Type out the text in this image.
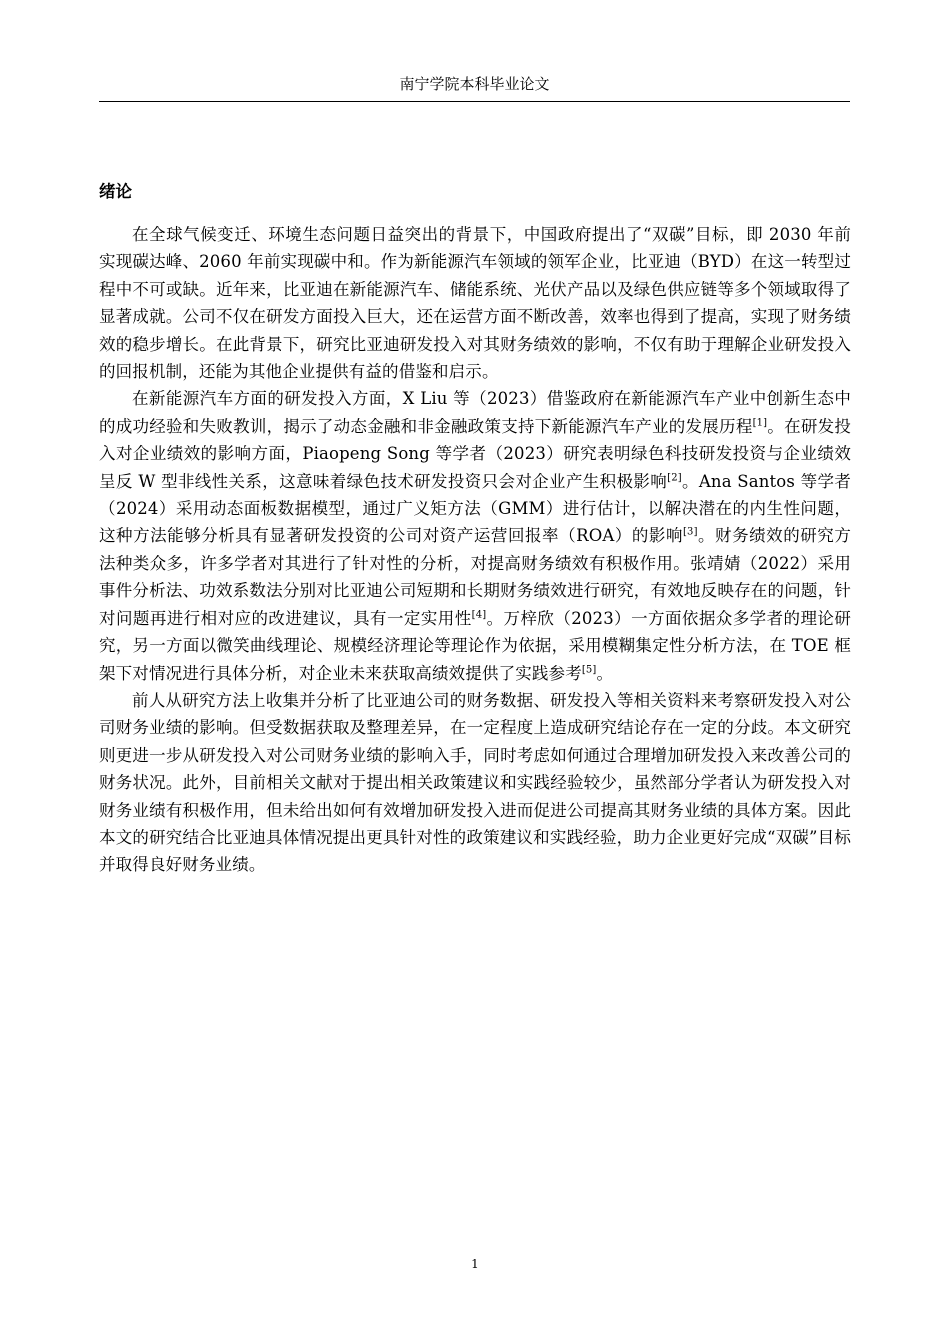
南宁学院本科毕业论文
绪论

在全球气候变迁、环境生态问题日益突出的背景下，中国政府提出了“双碳”目标，即 2030 年前实现碳达峰、2060 年前实现碳中和。作为新能源汽车领域的领军企业，比亚迪（BYD）在这一转型过程中不可或缺。近年来，比亚迪在新能源汽车、储能系统、光伏产品以及绿色供应链等多个领域取得了显著成就。公司不仅在研发方面投入巨大，还在运营方面不断改善，效率也得到了提高，实现了财务绩效的稳步增长。在此背景下，研究比亚迪研发投入对其财务绩效的影响，不仅有助于理解企业研发投入的回报机制，还能为其他企业提供有益的借鉴和启示。

在新能源汽车方面的研发投入方面，X Liu 等（2023）借鉴政府在新能源汽车产业中创新生态中的成功经验和失败教训，揭示了动态金融和非金融政策支持下新能源汽车产业的发展历程[1]。在研发投入对企业绩效的影响方面，Piaopeng Song 等学者（2023）研究表明绿色科技研发投资与企业绩效呈反 W 型非线性关系，这意味着绿色技术研发投资只会对企业产生积极影响[2]。Ana Santos 等学者（2024）采用动态面板数据模型，通过广义矩方法（GMM）进行估计，以解决潜在的内生性问题，这种方法能够分析具有显著研发投资的公司对资产运营回报率（ROA）的影响[3]。财务绩效的研究方法种类众多，许多学者对其进行了针对性的分析，对提高财务绩效有积极作用。张靖婧（2022）采用事件分析法、功效系数法分别对比亚迪公司短期和长期财务绩效进行研究，有效地反映存在的问题，针对问题再进行相对应的改进建议，具有一定实用性[4]。万梓欣（2023）一方面依据众多学者的理论研究，另一方面以微笑曲线理论、规模经济理论等理论作为依据，采用模糊集定性分析方法，在 TOE 框架下对情况进行具体分析，对企业未来获取高绩效提供了实践参考[5]。

前人从研究方法上收集并分析了比亚迪公司的财务数据、研发投入等相关资料来考察研发投入对公司财务业绩的影响。但受数据获取及整理差异，在一定程度上造成研究结论存在一定的分歧。本文研究则更进一步从研发投入对公司财务业绩的影响入手，同时考虑如何通过合理增加研发投入来改善公司的财务状况。此外，目前相关文献对于提出相关政策建议和实践经验较少，虽然部分学者认为研发投入对财务业绩有积极作用，但未给出如何有效增加研发投入进而促进公司提高其财务业绩的具体方案。因此本文的研究结合比亚迪具体情况提出更具针对性的政策建议和实践经验，助力企业更好完成“双碳”目标并取得良好财务业绩。

1
